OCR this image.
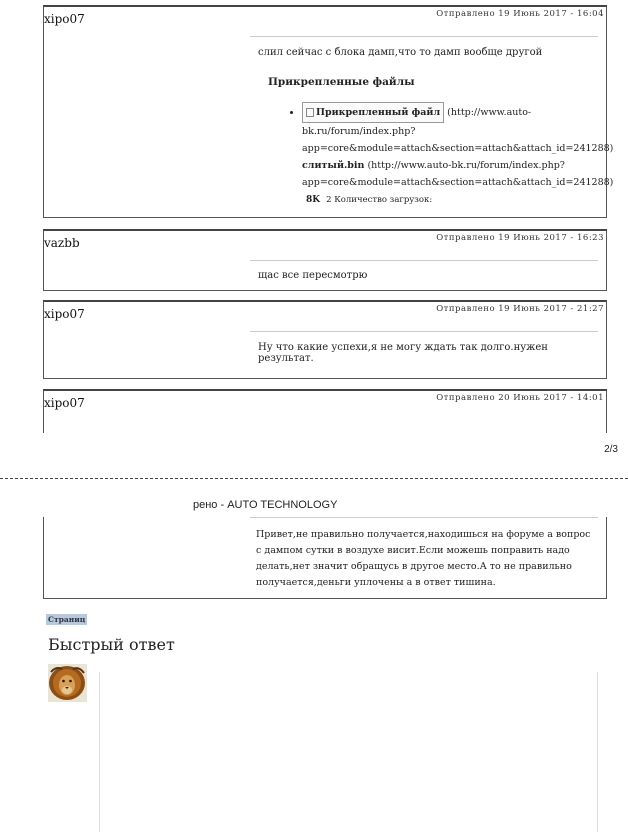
xipo07	Отправлено 19 Июнь 2017 - 16:04

слил сейчас с блока дамп,что то дамп вообще другой

Прикрепленные файлы
• Прикрепленный файл (http://www.auto-bk.ru/forum/index.php?app=core&module=attach&section=attach&attach_id=241288)
слитый.bin (http://www.auto-bk.ru/forum/index.php?app=core&module=attach&section=attach&attach_id=241288)
8K 2 Количество загрузок:
vazbb	Отправлено 19 Июнь 2017 - 16:23

щас все пересмотрю

xipo07	Отправлено 19 Июнь 2017 - 21:27

Ну что какие успехи,я не могу ждать так долго.нужен результат.

xipo07	Отправлено 20 Июнь 2017 - 14:01
2/3
рено - AUTO TECHNOLOGY

Привет,не правильно получается,находишься на форуме а вопрос с дампом сутки в воздухе висит.Если можешь поправить надо делать,нет значит обращусь в другое место.А то не правильно получается,деньги уплочены а в ответ тишина.

Страниц
Быстрый ответ
